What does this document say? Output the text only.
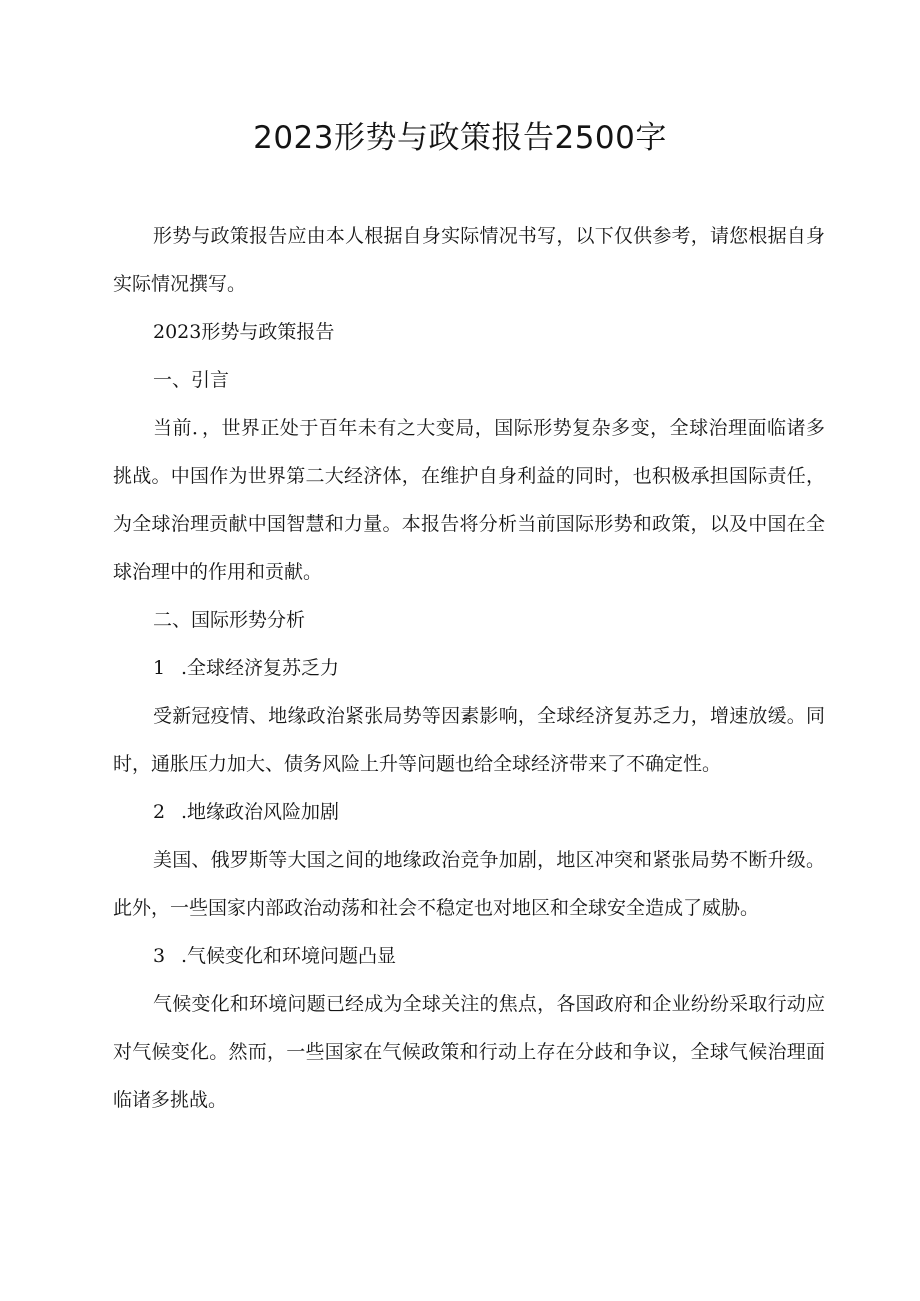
2023形势与政策报告2500字

形势与政策报告应由本人根据自身实际情况书写，以下仅供参考，请您根据自身实际情况撰写。

2023形势与政策报告

一、引言

当前．，世界正处于百年未有之大变局，国际形势复杂多变，全球治理面临诸多挑战。中国作为世界第二大经济体，在维护自身利益的同时，也积极承担国际责任，为全球治理贡献中国智慧和力量。本报告将分析当前国际形势和政策，以及中国在全球治理中的作用和贡献。

二、国际形势分析

1 .全球经济复苏乏力

受新冠疫情、地缘政治紧张局势等因素影响，全球经济复苏乏力，增速放缓。同时，通胀压力加大、债务风险上升等问题也给全球经济带来了不确定性。

2 .地缘政治风险加剧

美国、俄罗斯等大国之间的地缘政治竞争加剧，地区冲突和紧张局势不断升级。此外，一些国家内部政治动荡和社会不稳定也对地区和全球安全造成了威胁。

3 .气候变化和环境问题凸显

气候变化和环境问题已经成为全球关注的焦点，各国政府和企业纷纷采取行动应对气候变化。然而，一些国家在气候政策和行动上存在分歧和争议，全球气候治理面临诸多挑战。
